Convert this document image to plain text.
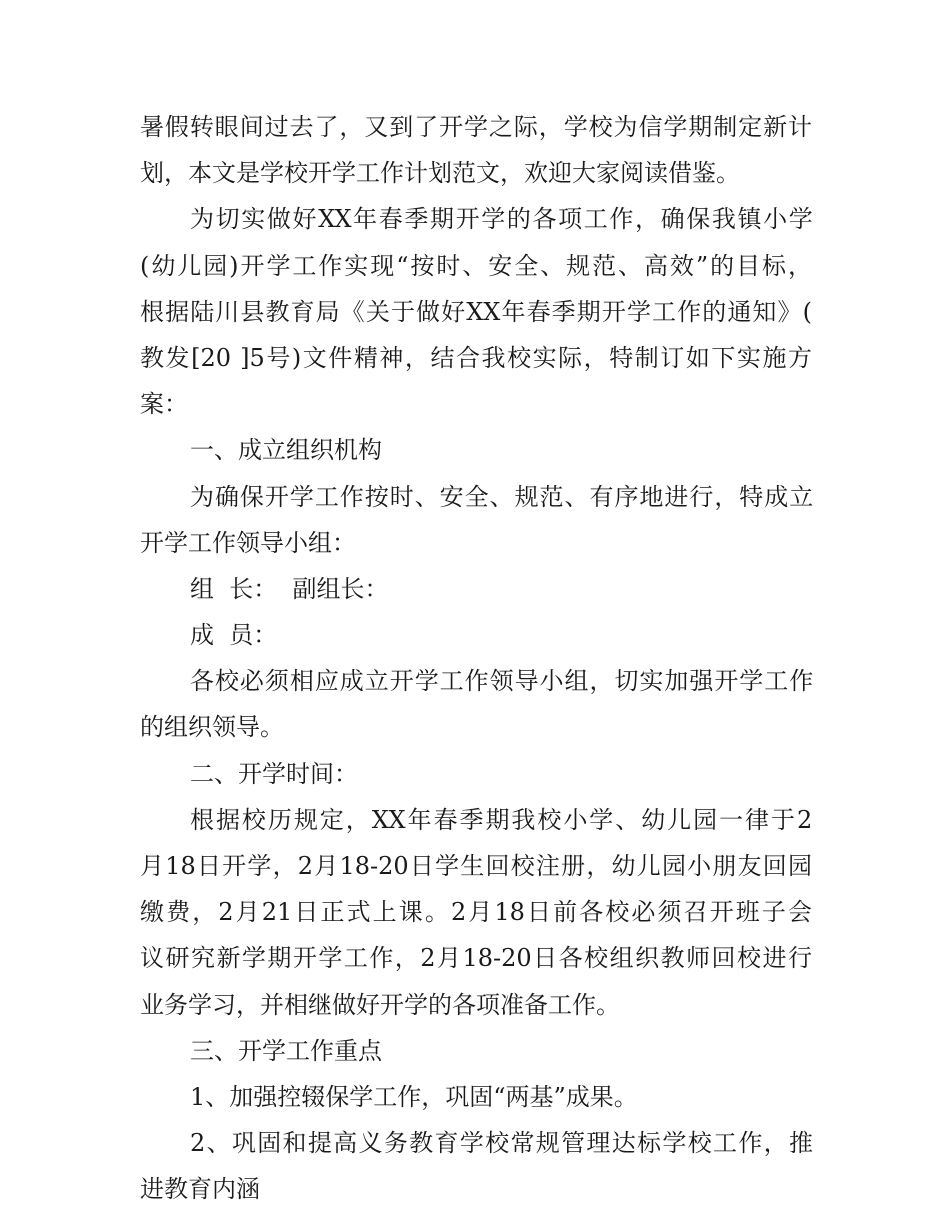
暑假转眼间过去了，又到了开学之际，学校为信学期制定新计
划，本文是学校开学工作计划范文，欢迎大家阅读借鉴。
为切实做好XX年春季期开学的各项工作，确保我镇小学
(幼儿园)开学工作实现“按时、安全、规范、高效”的目标，
根据陆川县教育局《关于做好XX年春季期开学工作的通知》(
教发[20 ]5号)文件精神，结合我校实际，特制订如下实施方
案：
一、成立组织机构
为确保开学工作按时、安全、规范、有序地进行，特成立
开学工作领导小组：
组  长：  副组长：
成  员：
各校必须相应成立开学工作领导小组，切实加强开学工作
的组织领导。
二、开学时间：
根据校历规定，XX年春季期我校小学、幼儿园一律于2
月18日开学，2月18-20日学生回校注册，幼儿园小朋友回园
缴费，2月21日正式上课。2月18日前各校必须召开班子会
议研究新学期开学工作，2月18-20日各校组织教师回校进行
业务学习，并相继做好开学的各项准备工作。
三、开学工作重点
1、加强控辍保学工作，巩固“两基”成果。
2、巩固和提高义务教育学校常规管理达标学校工作，推
进教育内涵
